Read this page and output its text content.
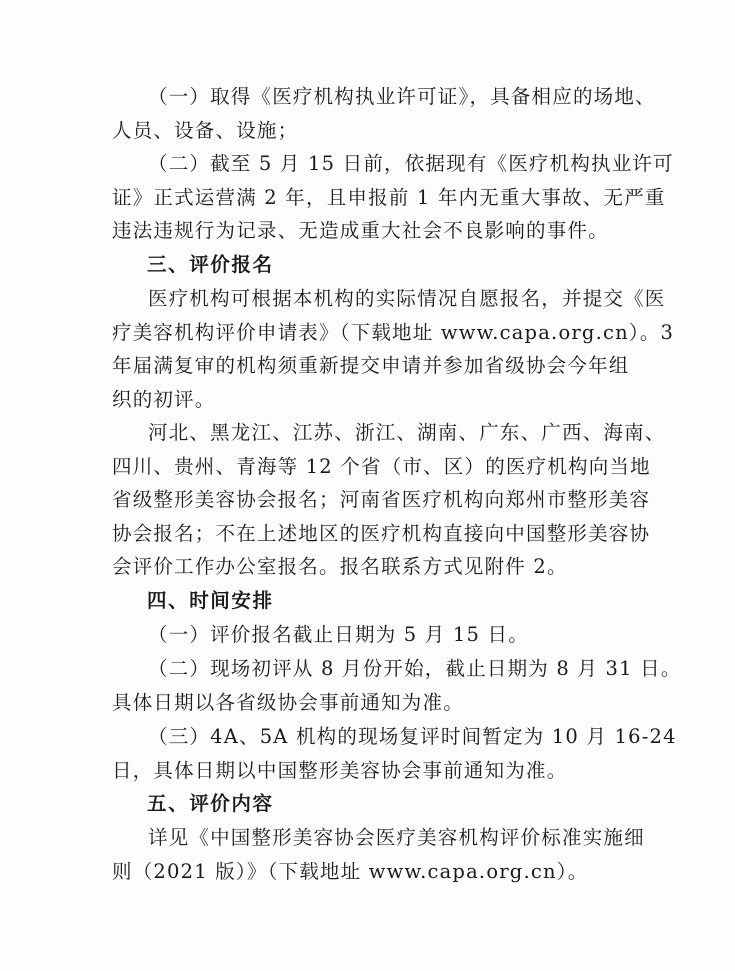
（一）取得《医疗机构执业许可证》，具备相应的场地、
人员、设备、设施；
（二）截至 5 月 15 日前，依据现有《医疗机构执业许可
证》正式运营满 2 年，且申报前 1 年内无重大事故、无严重
违法违规行为记录、无造成重大社会不良影响的事件。
三、评价报名
医疗机构可根据本机构的实际情况自愿报名，并提交《医
疗美容机构评价申请表》（下载地址 www.capa.org.cn）。3
年届满复审的机构须重新提交申请并参加省级协会今年组
织的初评。
河北、黑龙江、江苏、浙江、湖南、广东、广西、海南、
四川、贵州、青海等 12 个省（市、区）的医疗机构向当地
省级整形美容协会报名；河南省医疗机构向郑州市整形美容
协会报名；不在上述地区的医疗机构直接向中国整形美容协
会评价工作办公室报名。报名联系方式见附件 2。
四、时间安排
（一）评价报名截止日期为 5 月 15 日。
（二）现场初评从 8 月份开始，截止日期为 8 月 31 日。
具体日期以各省级协会事前通知为准。
（三）4A、5A 机构的现场复评时间暂定为 10 月 16-24
日，具体日期以中国整形美容协会事前通知为准。
五、评价内容
详见《中国整形美容协会医疗美容机构评价标准实施细
则（2021 版）》（下载地址 www.capa.org.cn）。
